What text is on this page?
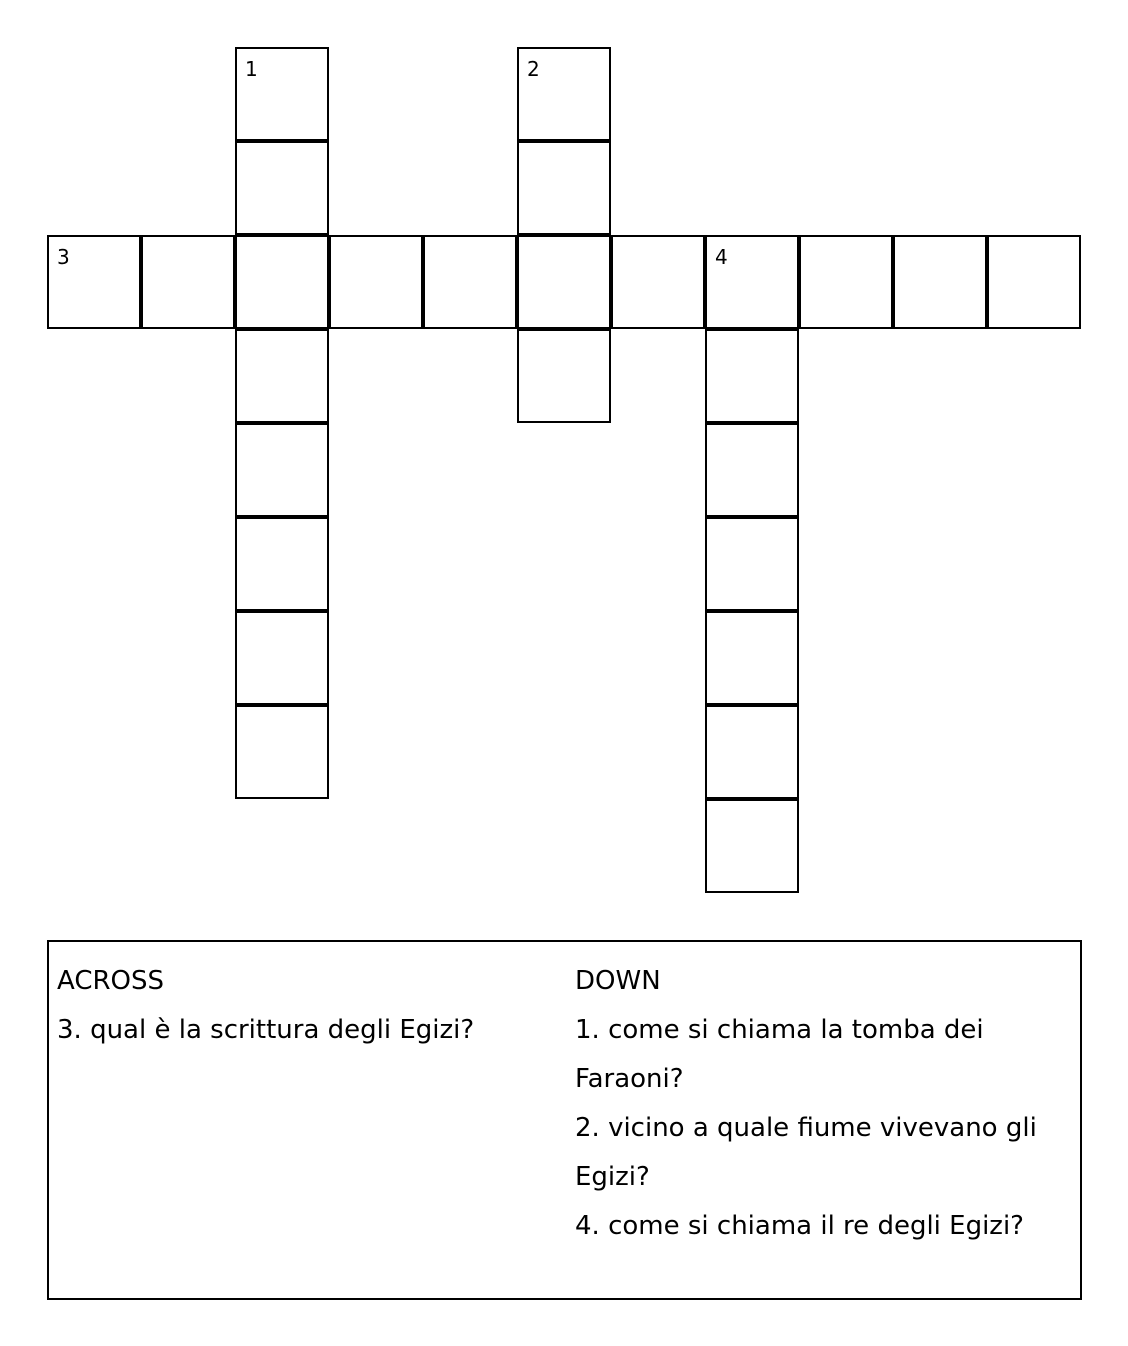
1	2
3	4
ACROSS
3. qual è la scrittura degli Egizi?
DOWN
1. come si chiama la tomba dei Faraoni?
2. vicino a quale fiume vivevano gli Egizi?
4. come si chiama il re degli Egizi?
